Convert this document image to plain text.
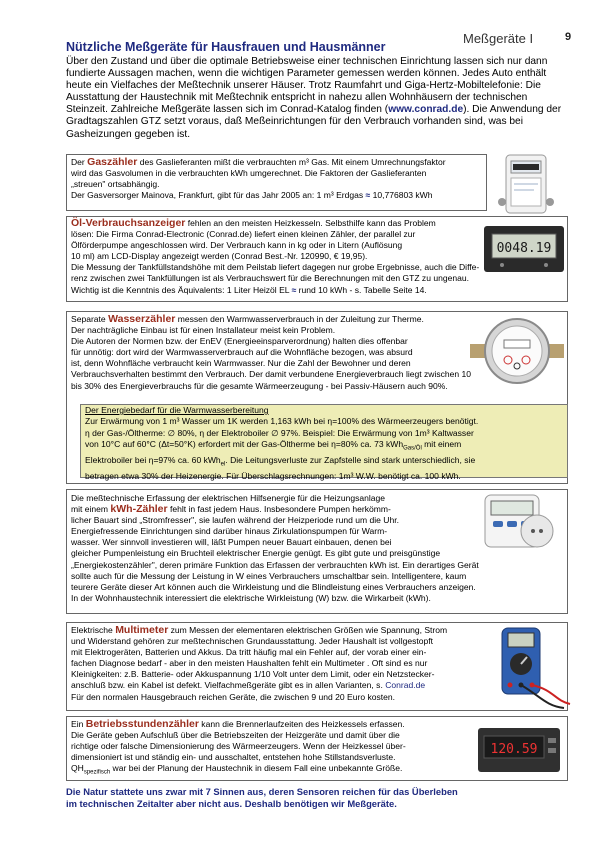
Nützliche Meßgeräte für Hausfrauen und Hausmänner
Meßgeräte I	9
Über den Zustand und über die optimale Betriebsweise einer technischen Einrichtung lassen sich nur dann fundierte Aussagen machen, wenn die wichtigen Parameter gemessen werden können. Jedes Auto enthält heute ein Vielfaches der Meßtechnik unserer Häuser. Trotz Raumfahrt und Giga-Hertz-Mobiltelefonie: Die Ausstattung der Haustechnik mit Meßtechnik entspricht in nahezu allen Wohnhäusern der technischen Steinzeit. Zahlreiche Meßgeräte lassen sich im Conrad-Katalog finden (www.conrad.de). Die Anwendung der Gradtagszahlen GTZ setzt voraus, daß Meßeinrichtungen für den Verbrauch vorhanden sind, was bei Gasheizungen gegeben ist.
Der Gaszähler des Gaslieferanten mißt die verbrauchten m³ Gas. Mit einem Umrechnungsfaktor
wird das Gasvolumen in die verbrauchten kWh umgerechnet. Die Faktoren der Gaslieferanten
„streuen" ortsabhängig.
Der Gasversorger Mainova, Frankfurt, gibt für das Jahr 2005 an: 1 m³ Erdgas ≈ 10,776803 kWh
Öl-Verbrauchsanzeiger fehlen an den meisten Heizkesseln. Selbsthilfe kann das Problem
lösen: Die Firma Conrad-Electronic (Conrad.de) liefert einen kleinen Zähler, der parallel zur
Ölförderpumpe angeschlossen wird. Der Verbrauch kann in kg oder in Litern (Auflösung
10 ml) am LCD-Display angezeigt werden (Conrad Best.-Nr. 120990, € 19,95).
Die Messung der Tankfüllstandshöhe mit dem Peilstab liefert dagegen nur grobe Ergebnisse, auch die Diffe-
renz zwischen zwei Tankfüllungen ist als Verbrauchswert für die Berechnungen mit den GTZ zu ungenau.
Wichtig ist die Kenntnis des Äquivalents: 1 Liter Heizöl EL ≈ rund 10 kWh - s. Tabelle Seite 14.
0048.19
Separate Wasserzähler messen den Warmwasserverbrauch in der Zuleitung zur Therme.
Der nachträgliche Einbau ist für einen Installateur meist kein Problem.
Die Autoren der Normen bzw. der EnEV (Energieeinsparverordnung) halten dies offenbar
für unnötig: dort wird der Warmwasserverbrauch auf die Wohnfläche bezogen, was absurd
ist, denn Wohnfläche verbraucht kein Warmwasser. Nur die Zahl der Bewohner und deren
Verbrauchsverhalten bestimmt den Verbrauch. Der damit verbundene Energieverbrauch liegt zwischen 10
bis 30% des Energieverbrauchs für die gesamte Wärmeerzeugung - bei Passiv-Häusern auch 90%.
Der Energiebedarf für die Warmwasserbereitung
Zur Erwärmung von 1 m³ Wasser um 1K werden 1,163 kWh bei η=100% des Wärmeerzeugers benötigt.
η der Gas-/Öltherme: ∅ 80%, η der Elektroboiler ∅ 97%. Beispiel: Die Erwärmung von 1m³ Kaltwasser
von 10°C auf 60°C (Δt=50°K) erfordert mit der Gas-Öltherme bei η=80% ca. 73 kWh$_{Gas/Öl}$ mit einem
Elektroboiler bei η=97% ca. 60 kWh$_{el}$. Die Leitungsverluste zur Zapfstelle sind stark unterschiedlich, sie
betragen etwa 30% der Heizenergie. Für Überschlagsrechnungen: 1m³ W.W. benötigt ca. 100 kWh.
Die meßtechnische Erfassung der elektrischen Hilfsenergie für die Heizungsanlage
mit einem kWh-Zähler fehlt in fast jedem Haus. Insbesondere Pumpen herkömm-
licher Bauart sind „Stromfresser", sie laufen während der Heizperiode rund um die Uhr.
Energiefressende Einrichtungen sind darüber hinaus Zirkulationspumpen für Warm-
wasser. Wer sinnvoll investieren will, läßt Pumpen neuer Bauart einbauen, denen bei
gleicher Pumpenleistung ein Bruchteil elektrischer Energie genügt. Es gibt gute und preisgünstige
„Energiekostenzähler", deren primäre Funktion das Erfassen der verbrauchten kWh ist. Ein derartiges Gerät
sollte auch für die Messung der Leistung in W eines Verbrauchers umschaltbar sein. Intelligentere, kaum
teurere Geräte dieser Art können auch die Wirkleistung und die Blindleistung eines Verbrauchers anzeigen.
In der Wohnhaustechnik interessiert die elektrische Wirkleistung (W) bzw. die Wirkarbeit (kWh).
Elektrische Multimeter zum Messen der elementaren elektrischen Größen wie Spannung, Strom
und Widerstand gehören zur meßtechnischen Grundausstattung. Jeder Haushalt ist vollgestopft
mit Elektrogeräten, Batterien und Akkus. Da tritt häufig mal ein Fehler auf, der vorab einer ein-
fachen Diagnose bedarf - aber in den meisten Haushalten fehlt ein Multimeter . Oft sind es nur
Kleinigkeiten: z.B. Batterie- oder Akkuspannung 1/10 Volt unter dem Limit, oder ein Netzstecker-
anschluß bzw. ein Kabel ist defekt. Vielfachmeßgeräte gibt es in allen Varianten, s. Conrad.de
Für den normalen Hausgebrauch reichen Geräte, die zwischen 9 und 20 Euro kosten.
Ein Betriebsstundenzähler kann die Brennerlaufzeiten des Heizkessels erfassen.
Die Geräte geben Aufschluß über die Betriebszeiten der Heizgeräte und damit über die
richtige oder falsche Dimensionierung des Wärmeerzeugers. Wenn der Heizkessel über-
dimensioniert ist und ständig ein- und ausschaltet, entstehen hohe Stillstandsverluste.
$QH_{spezifisch}$ war bei der Planung der Haustechnik in diesem Fall eine unbekannte Größe.
120.59
Die Natur stattete uns zwar mit 7 Sinnen aus, deren Sensoren reichen für das Überleben
im technischen Zeitalter aber nicht aus. Deshalb benötigen wir Meßgeräte.
